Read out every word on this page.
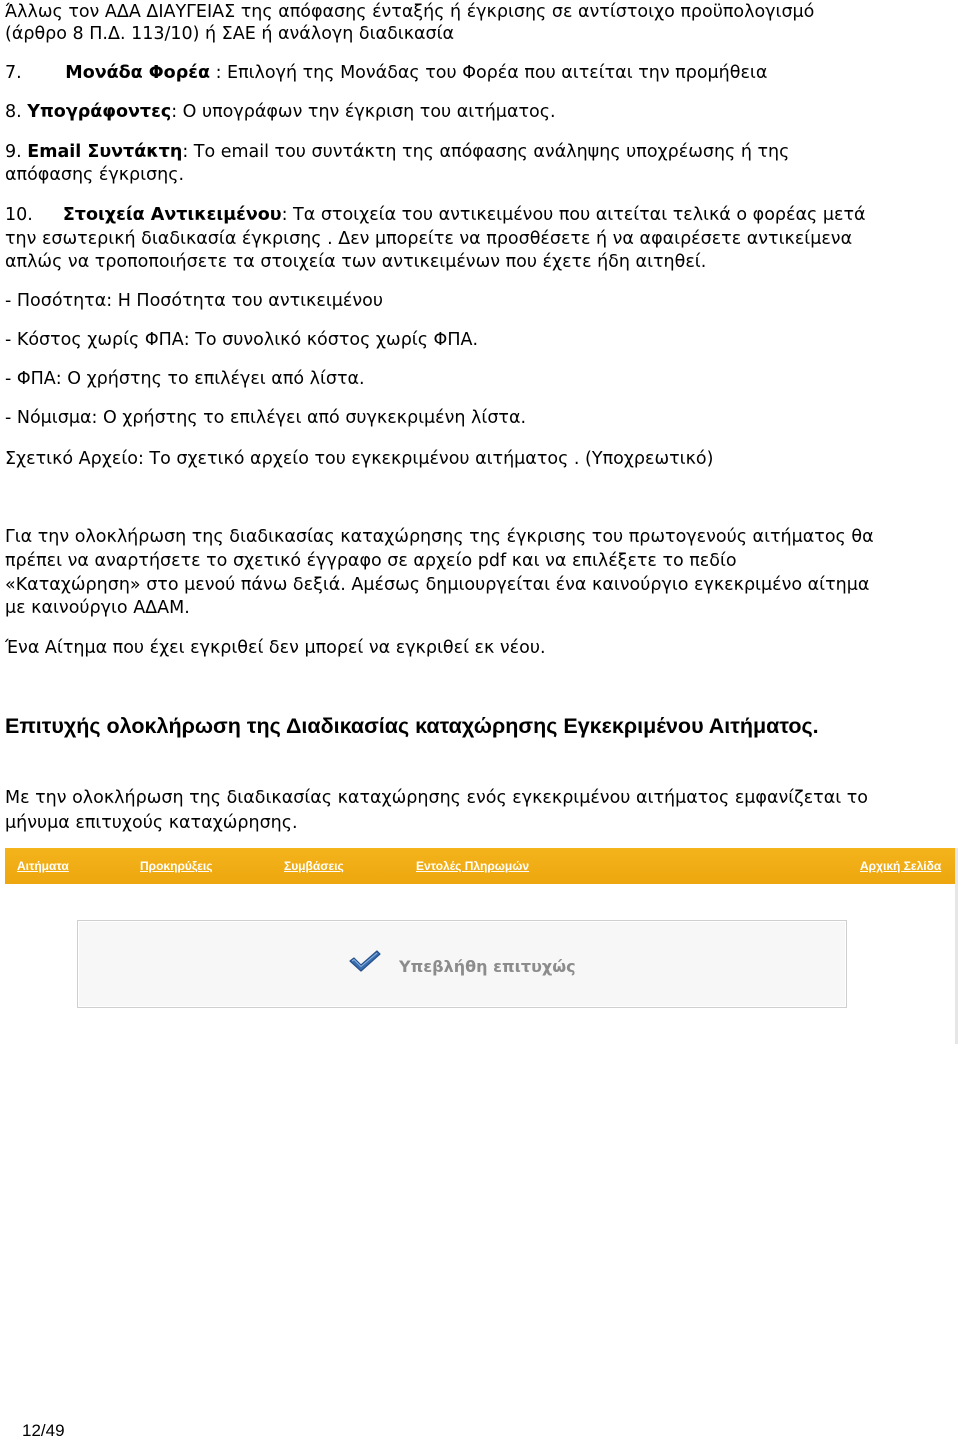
Άλλως τον ΑΔΑ ΔΙΑΥΓΕΙΑΣ της απόφασης ένταξής ή έγκρισης σε αντίστοιχο προϋπολογισμό
(άρθρο 8 Π.Δ. 113/10) ή ΣΑΕ ή ανάλογη διαδικασία
7. Μονάδα Φορέα : Επιλογή της Μονάδας του Φορέα που αιτείται την προμήθεια
8. Υπογράφοντες: Ο υπογράφων την έγκριση του αιτήματος.
9. Email Συντάκτη: Το email του συντάκτη της απόφασης ανάληψης υποχρέωσης ή της
απόφασης έγκρισης.
10. Στοιχεία Αντικειμένου: Τα στοιχεία του αντικειμένου που αιτείται τελικά ο φορέας μετά
την εσωτερική διαδικασία έγκρισης . Δεν μπορείτε να προσθέσετε ή να αφαιρέσετε αντικείμενα
απλώς να τροποποιήσετε τα στοιχεία των αντικειμένων που έχετε ήδη αιτηθεί.
- Ποσότητα: Η Ποσότητα του αντικειμένου
- Κόστος χωρίς ΦΠΑ: Το συνολικό κόστος χωρίς ΦΠΑ.
- ΦΠΑ: Ο χρήστης το επιλέγει από λίστα.
- Νόμισμα: Ο χρήστης το επιλέγει από συγκεκριμένη λίστα.
Σχετικό Αρχείο: Το σχετικό αρχείο του εγκεκριμένου αιτήματος . (Υποχρεωτικό)
Για την ολοκλήρωση της διαδικασίας καταχώρησης της έγκρισης του πρωτογενούς αιτήματος θα
πρέπει να αναρτήσετε το σχετικό έγγραφο σε αρχείο pdf και να επιλέξετε το πεδίο
«Καταχώρηση» στο μενού πάνω δεξιά. Αμέσως δημιουργείται ένα καινούργιο εγκεκριμένο αίτημα
με καινούργιο ΑΔΑΜ.
Ένα Αίτημα που έχει εγκριθεί δεν μπορεί να εγκριθεί εκ νέου.
Επιτυχής ολοκλήρωση της Διαδικασίας καταχώρησης Εγκεκριμένου Αιτήματος.
Με την ολοκλήρωση της διαδικασίας καταχώρησης ενός εγκεκριμένου αιτήματος εμφανίζεται το
μήνυμα επιτυχούς καταχώρησης.
Αιτήματα	Προκηρύξεις	Συμβάσεις	Εντολές Πληρωμών	Αρχική Σελίδα
Υπεβλήθη επιτυχώς
12/49
